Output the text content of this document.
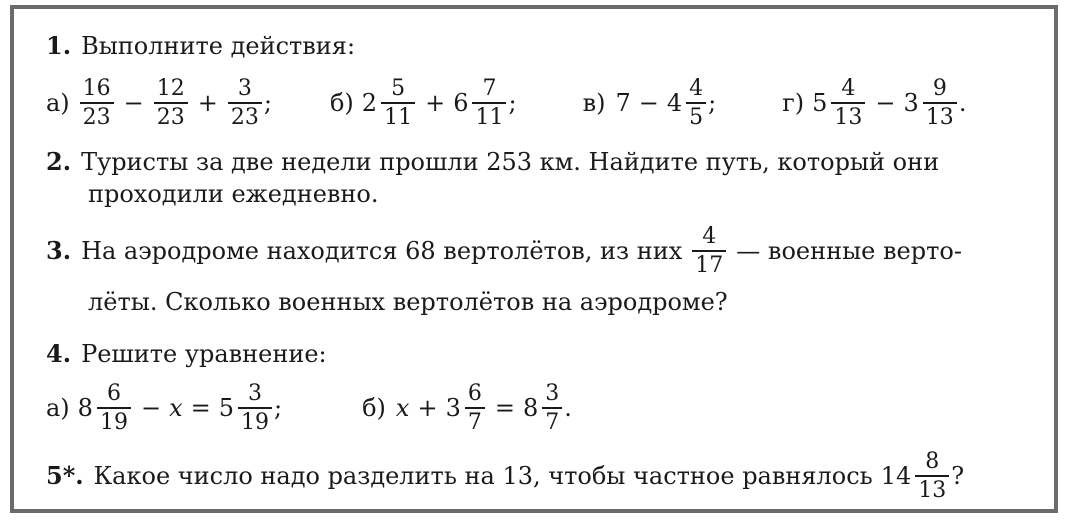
1. Выполните действия:
$а) \frac{16}{23} - \frac{12}{23} + \frac{3}{23}$ ; б) $2 \frac{5}{11} + 6 \frac{7}{11}$ ;	в) $7 - 4 \frac{4}{5}$ ;	г) $5 \frac{4}{13} - 3 \frac{9}{13}$ .
2. Туристы за две недели прошли 253 км. Найдите путь, который они
проходили ежедневно.
3. На аэродроме находится 68 вертолётов, из них $\frac{4}{17}$ — военные верто-
лёты. Сколько военных вертолётов на аэродроме?
4. Решите уравнение:
а) $8 \frac{6}{19} - x = 5 \frac{3}{19}$ ;	б) $x + 3 \frac{6}{7} = 8 \frac{3}{7}$ .
5*. Какое число надо разделить на 13, чтобы частное равнялось $14 \frac{8}{13}$ ?
